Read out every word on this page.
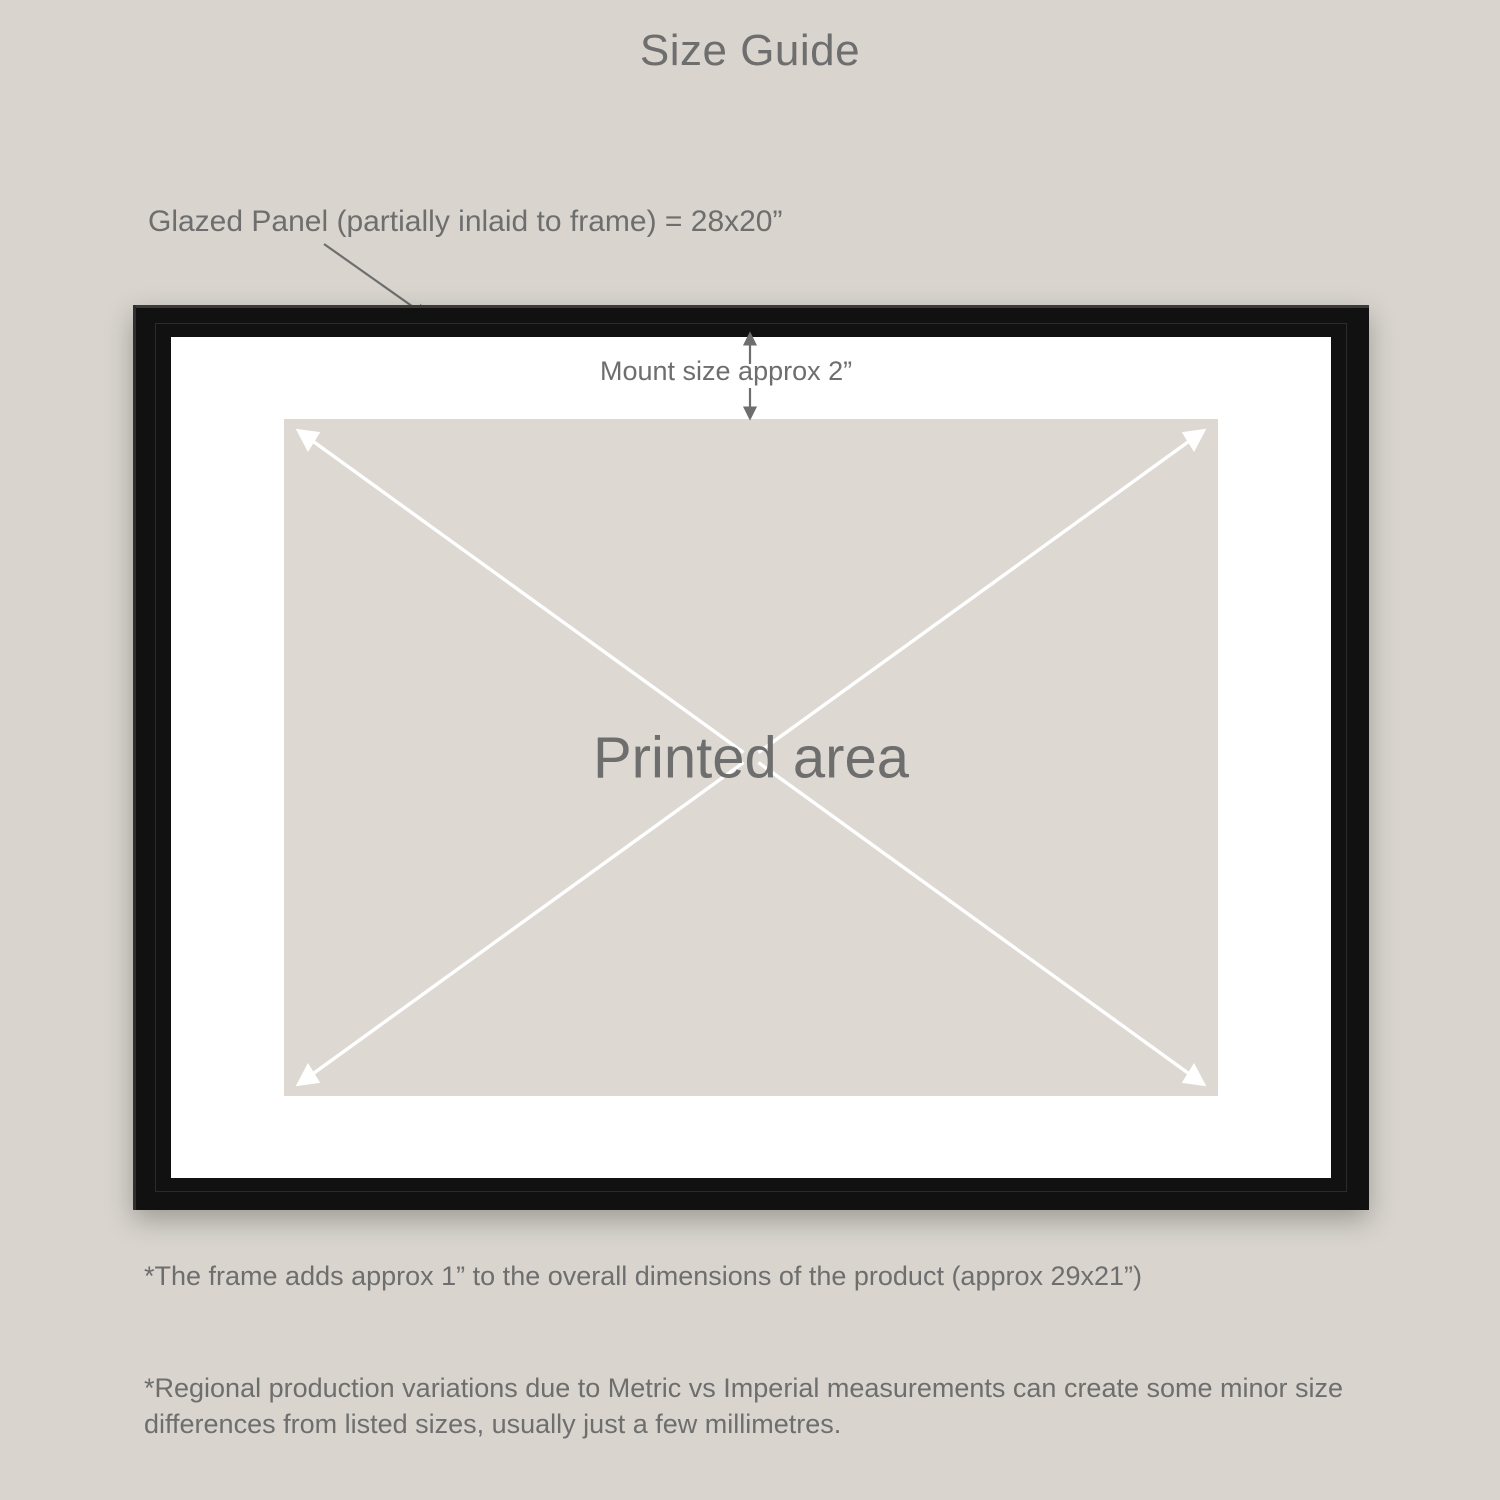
Size Guide
Glazed Panel (partially inlaid to frame) = 28x20”
Printed area
Mount size approx 2”
*The frame adds approx 1” to the overall dimensions of the product (approx 29x21”)
*Regional production variations due to Metric vs Imperial measurements can create some minor size differences from listed sizes, usually just a few millimetres.
